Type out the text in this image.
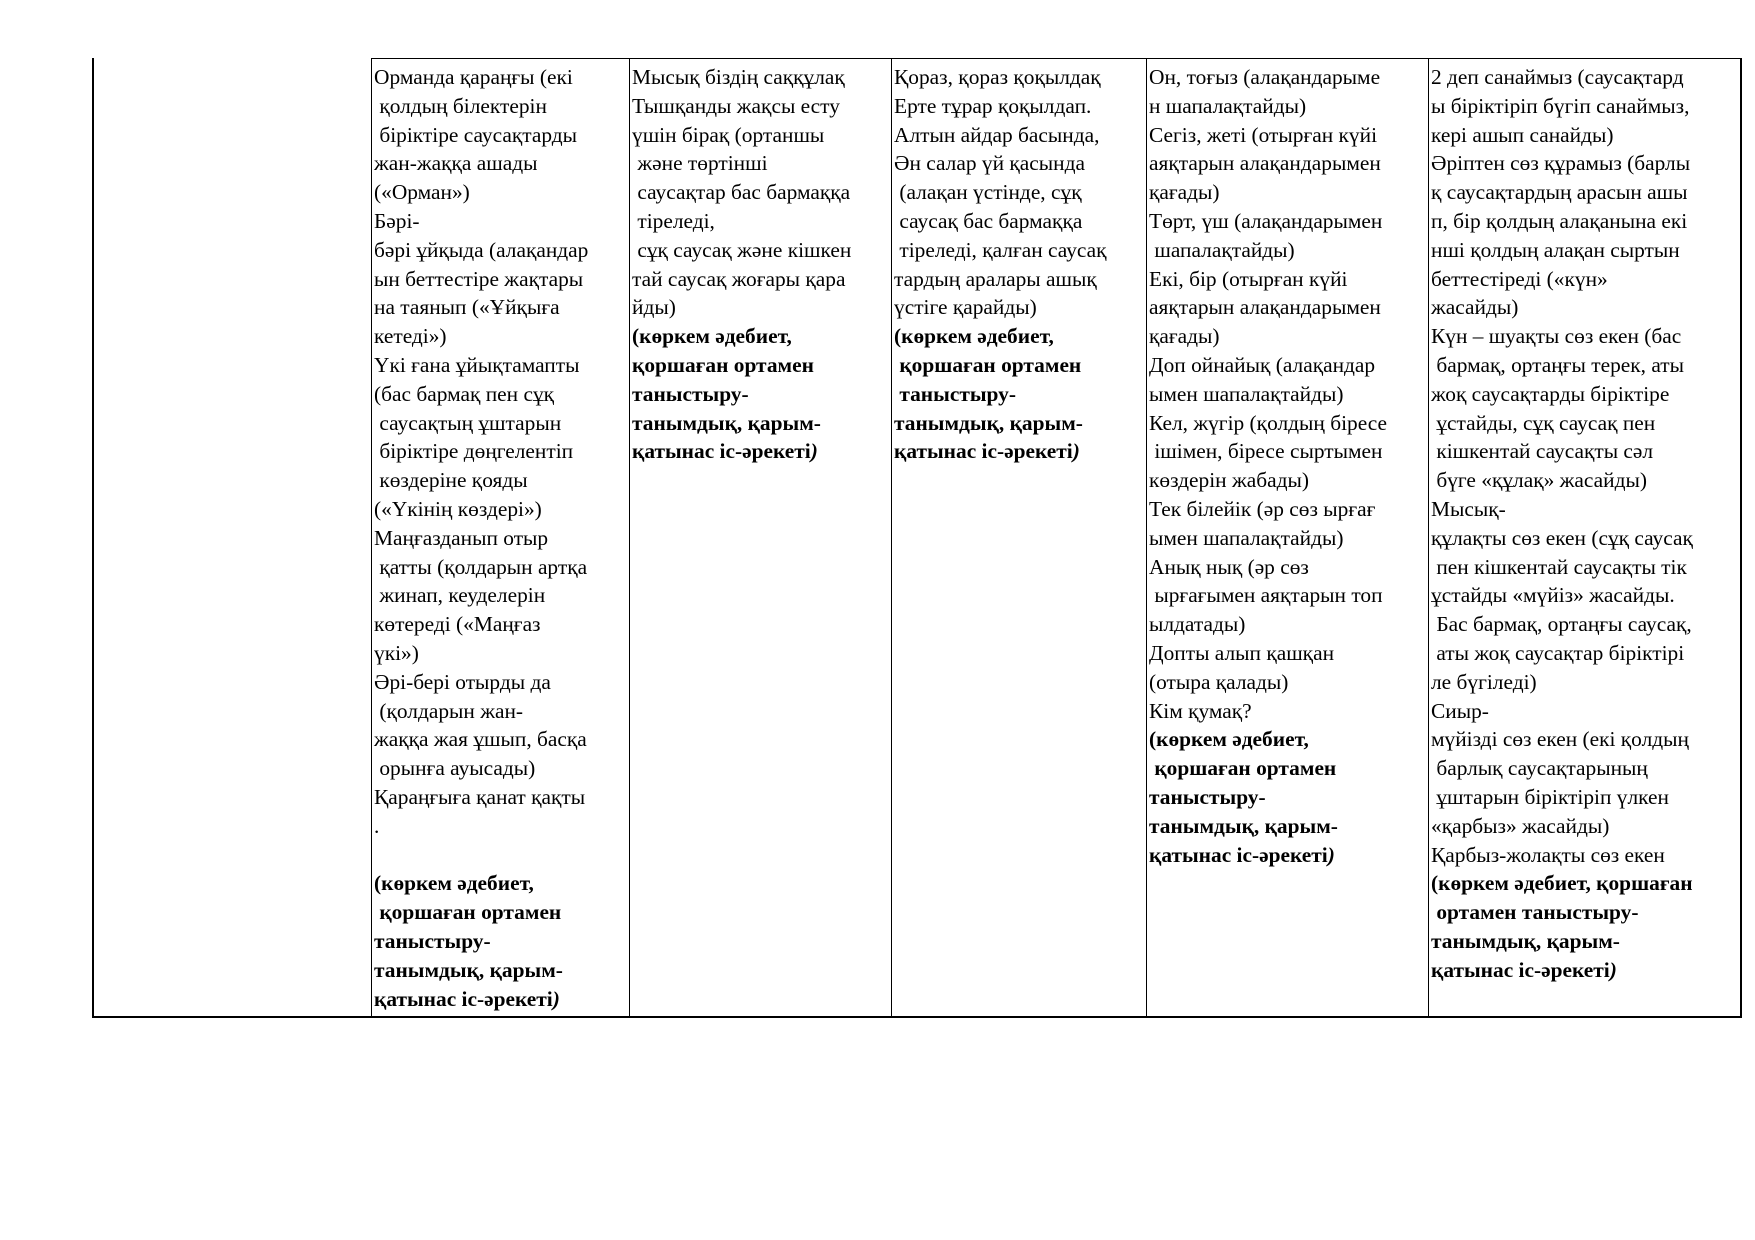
Орманда қараңғы (екі
қолдың білектерін
біріктіре саусақтарды
жан-жаққа ашады
(«Орман»)
Бәрі-
бәрі ұйқыда (алақандар
ын беттестіре жақтары
на таянып («Ұйқыға
кетеді»)
Үкі ғана ұйықтамапты
(бас бармақ пен сұқ
саусақтың ұштарын
біріктіре дөңгелентіп
көздеріне қояды
(«Үкінің көздері»)
Маңғазданып отыр
қатты (қолдарын артқа
жинап, кеуделерін
көтереді («Маңғаз
үкі»)
Әрі-бері отырды да
(қолдарын жан-
жаққа жая ұшып, басқа
орынға ауысады)
Қараңғыға қанат қақты
.
(көркем әдебиет,
қоршаған ортамен
таныстыру-
танымдық, қарым-
қатынас іс-әрекеті)
Мысық біздің саққұлақ
Тышқанды жақсы есту
үшін бірақ (ортаншы
және төртінші
саусақтар бас бармаққа
тіреледі,
сұқ саусақ және кішкен
тай саусақ жоғары қара
йды)
(көркем әдебиет,
қоршаған ортамен
таныстыру-
танымдық, қарым-
қатынас іс-әрекеті)
Қораз, қораз қоқылдақ
Ерте тұрар қоқылдап.
Алтын айдар басында,
Ән салар үй қасында
(алақан үстінде, сұқ
саусақ бас бармаққа
тіреледі, қалған саусақ
тардың аралары ашық
үстіге қарайды)
(көркем әдебиет,
қоршаған ортамен
таныстыру-
танымдық, қарым-
қатынас іс-әрекеті)
Он, тоғыз (алақандарыме
н шапалақтайды)
Сегіз, жеті (отырған күйі
аяқтарын алақандарымен
қағады)
Төрт, үш (алақандарымен
шапалақтайды)
Екі, бір (отырған күйі
аяқтарын алақандарымен
қағады)
Доп ойнайық (алақандар
ымен шапалақтайды)
Кел, жүгір (қолдың біресе
ішімен, біресе сыртымен
көздерін жабады)
Тек білейік (әр сөз ырғағ
ымен шапалақтайды)
Анық нық (әр сөз
ырғағымен аяқтарын топ
ылдатады)
Допты алып қашқан
(отыра қалады)
Кім қумақ?
(көркем әдебиет,
қоршаған ортамен
таныстыру-
танымдық, қарым-
қатынас іс-әрекеті)
2 деп санаймыз (саусақтард
ы біріктіріп бүгіп санаймыз,
кері ашып санайды)
Әріптен сөз құрамыз (барлы
қ саусақтардың арасын ашы
п, бір қолдың алақанына екі
нші қолдың алақан сыртын
беттестіреді («күн»
жасайды)
Күн – шуақты сөз екен (бас
бармақ, ортаңғы терек, аты
жоқ саусақтарды біріктіре
ұстайды, сұқ саусақ пен
кішкентай саусақты сәл
бүге «құлақ» жасайды)
Мысық-
құлақты сөз екен (сұқ саусақ
пен кішкентай саусақты тік
ұстайды «мүйіз» жасайды.
Бас бармақ, ортаңғы саусақ,
аты жоқ саусақтар біріктірі
ле бүгіледі)
Сиыр-
мүйізді сөз екен (екі қолдың
барлық саусақтарының
ұштарын біріктіріп үлкен
«қарбыз» жасайды)
Қарбыз-жолақты сөз екен
(көркем әдебиет, қоршаған
ортамен таныстыру-
танымдық, қарым-
қатынас іс-әрекеті)
